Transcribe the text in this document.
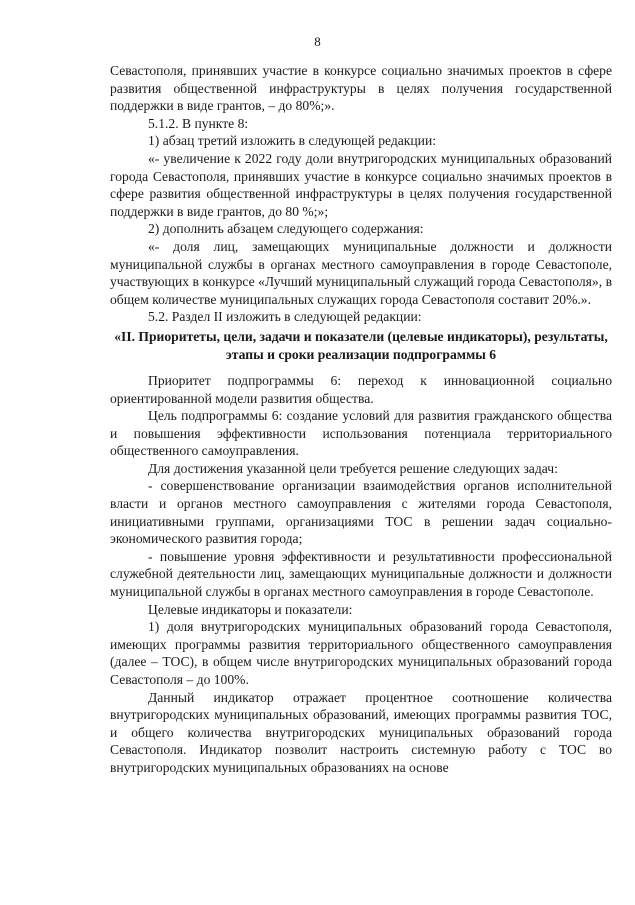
8

Севастополя, принявших участие в конкурсе социально значимых проектов в сфере развития общественной инфраструктуры в целях получения государственной поддержки в виде грантов, – до 80%;».

5.1.2. В пункте 8:

1) абзац третий изложить в следующей редакции:

«- увеличение к 2022 году доли внутригородских муниципальных образований города Севастополя, принявших участие в конкурсе социально значимых проектов в сфере развития общественной инфраструктуры в целях получения государственной поддержки в виде грантов, до 80 %;»;

2) дополнить абзацем следующего содержания:

«- доля лиц, замещающих муниципальные должности и должности муниципальной службы в органах местного самоуправления в городе Севастополе, участвующих в конкурсе «Лучший муниципальный служащий города Севастополя», в общем количестве муниципальных служащих города Севастополя составит 20%.».

5.2. Раздел II изложить в следующей редакции:

«II. Приоритеты, цели, задачи и показатели (целевые индикаторы), результаты, этапы и сроки реализации подпрограммы 6

Приоритет подпрограммы 6: переход к инновационной социально ориентированной модели развития общества.

Цель подпрограммы 6: создание условий для развития гражданского общества и повышения эффективности использования потенциала территориального общественного самоуправления.

Для достижения указанной цели требуется решение следующих задач:

- совершенствование организации взаимодействия органов исполнительной власти и органов местного самоуправления с жителями города Севастополя, инициативными группами, организациями ТОС в решении задач социально-экономического развития города;

- повышение уровня эффективности и результативности профессиональной служебной деятельности лиц, замещающих муниципальные должности и должности муниципальной службы в органах местного самоуправления в городе Севастополе.

Целевые индикаторы и показатели:

1) доля внутригородских муниципальных образований города Севастополя, имеющих программы развития территориального общественного самоуправления (далее – ТОС), в общем числе внутригородских муниципальных образований города Севастополя – до 100%.

Данный индикатор отражает процентное соотношение количества внутригородских муниципальных образований, имеющих программы развития ТОС, и общего количества внутригородских муниципальных образований города Севастополя. Индикатор позволит настроить системную работу с ТОС во внутригородских муниципальных образованиях на основе
